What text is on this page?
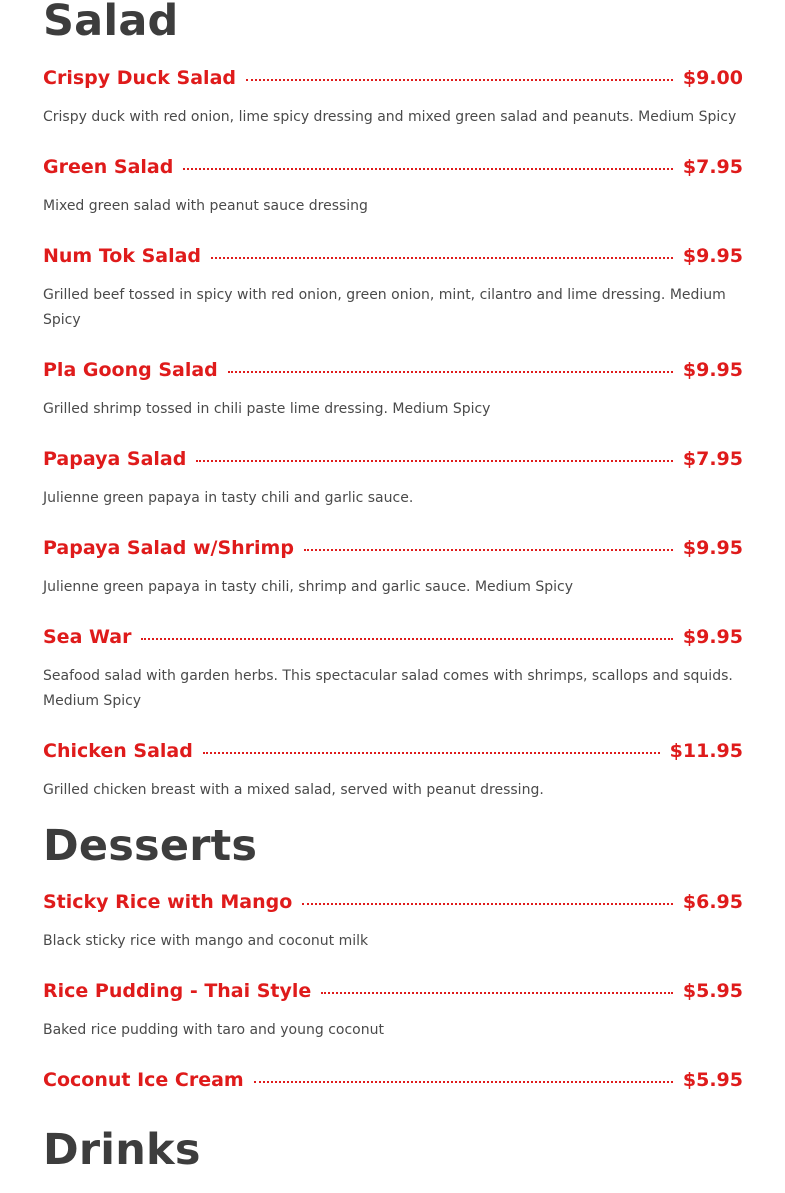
Salad
Crispy Duck Salad	$9.00

Crispy duck with red onion, lime spicy dressing and mixed green salad and peanuts. Medium Spicy

Green Salad	$7.95

Mixed green salad with peanut sauce dressing

Num Tok Salad	$9.95

Grilled beef tossed in spicy with red onion, green onion, mint, cilantro and lime dressing. Medium Spicy

Pla Goong Salad	$9.95

Grilled shrimp tossed in chili paste lime dressing. Medium Spicy

Papaya Salad	$7.95

Julienne green papaya in tasty chili and garlic sauce.

Papaya Salad w/Shrimp	$9.95

Julienne green papaya in tasty chili, shrimp and garlic sauce. Medium Spicy

Sea War	$9.95

Seafood salad with garden herbs. This spectacular salad comes with shrimps, scallops and squids. Medium Spicy

Chicken Salad	$11.95

Grilled chicken breast with a mixed salad, served with peanut dressing.

Desserts
Sticky Rice with Mango	$6.95

Black sticky rice with mango and coconut milk

Rice Pudding - Thai Style	$5.95

Baked rice pudding with taro and young coconut

Coconut Ice Cream	$5.95
Drinks
